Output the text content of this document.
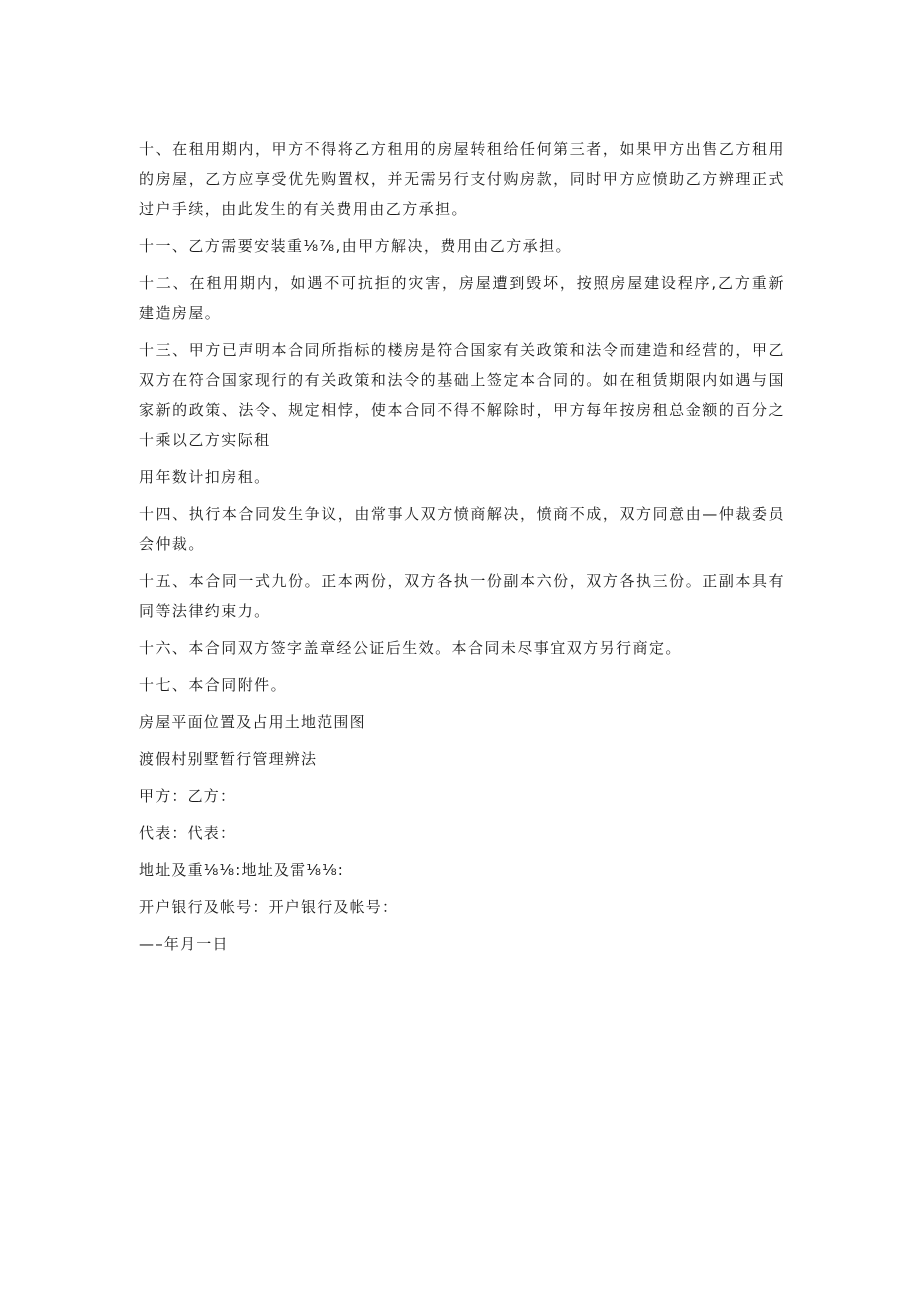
十、在租用期内，甲方不得将乙方租用的房屋转租给任何第三者，如果甲方出售乙方租用的房屋，乙方应享受优先购置权，并无需另行支付购房款，同时甲方应愤助乙方辨理正式过户手续，由此发生的有关费用由乙方承担。

十一、乙方需要安装重⅛⅞,由甲方解决，费用由乙方承担。

十二、在租用期内，如遇不可抗拒的灾害，房屋遭到毁坏，按照房屋建设程序,乙方重新建造房屋。

十三、甲方已声明本合同所指标的楼房是符合国家有关政策和法令而建造和经营的，甲乙双方在符合国家现行的有关政策和法令的基础上签定本合同的。如在租赁期限内如遇与国家新的政策、法令、规定相悖，使本合同不得不解除时，甲方每年按房租总金额的百分之十乘以乙方实际租

用年数计扣房租。

十四、执行本合同发生争议，由常事人双方愤商解决，愤商不成，双方同意由—仲裁委员会仲裁。

十五、本合同一式九份。正本两份，双方各执一份副本六份，双方各执三份。正副本具有同等法律约束力。

十六、本合同双方签字盖章经公证后生效。本合同未尽事宜双方另行商定。

十七、本合同附件。

房屋平面位置及占用土地范围图

渡假村别墅暂行管理辨法

甲方：乙方：

代表：代表：

地址及重⅛⅛:地址及雷⅛⅛:

开户银行及帐号：开户银行及帐号：

—–年月一日
